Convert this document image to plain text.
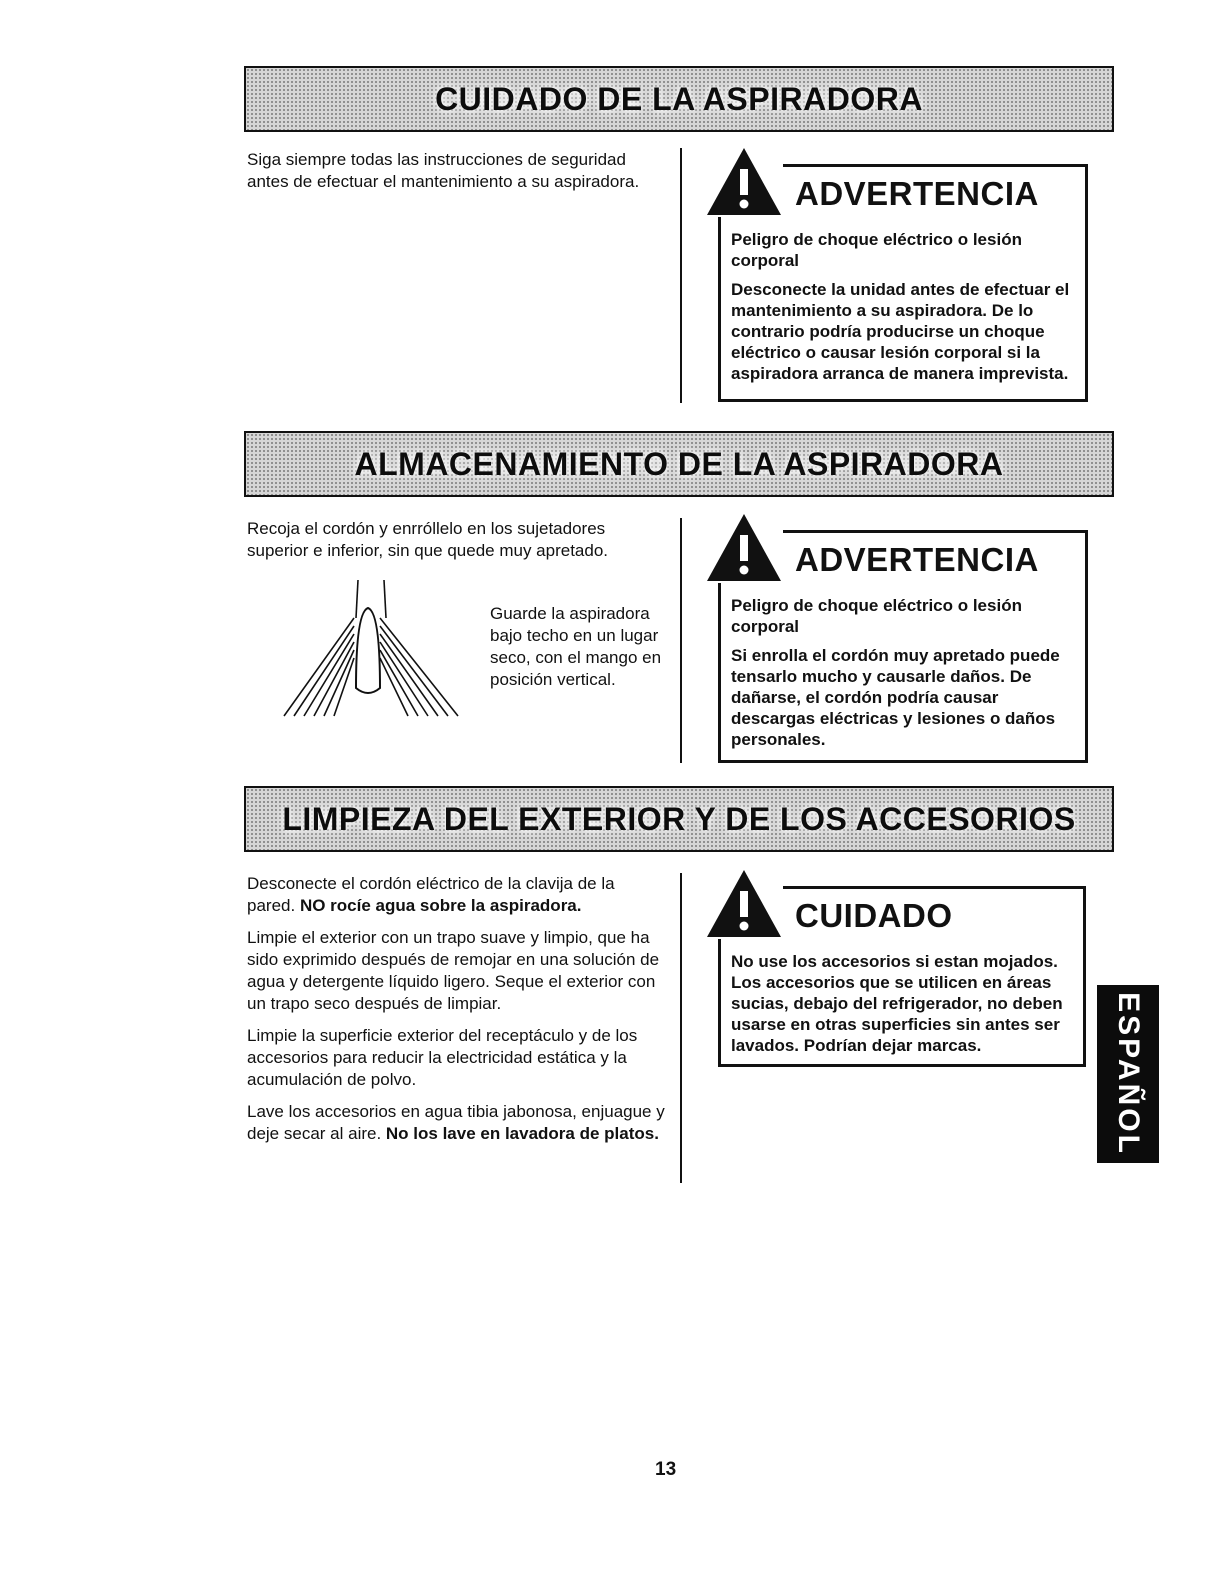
CUIDADO DE LA ASPIRADORA

Siga siempre todas las instrucciones de seguridad antes de efectuar el mantenimiento a su aspiradora.	ADVERTENCIA

Peligro de choque eléctrico o lesión corporal

Desconecte la unidad antes de efectuar el mantenimiento a su aspiradora. De lo contrario podría producirse un choque eléctrico o causar lesión corporal si la aspiradora arranca de manera imprevista.

ALMACENAMIENTO DE LA ASPIRADORA

Recoja el cordón y enrróllelo en los sujetadores superior e inferior, sin que quede muy apretado.

Guarde la aspiradora bajo techo en un lugar seco, con el mango en posición vertical.

ADVERTENCIA

Peligro de choque eléctrico o lesión corporal

Si enrolla el cordón muy apretado puede tensarlo mucho y causarle daños. De dañarse, el cordón podría causar descargas eléctricas y lesiones o daños personales.

LIMPIEZA DEL EXTERIOR Y DE LOS ACCESORIOS

Desconecte el cordón eléctrico de la clavija de la pared. NO rocíe agua sobre la aspiradora.

Limpie el exterior con un trapo suave y limpio, que ha sido exprimido después de remojar en una solución de agua y detergente líquido ligero. Seque el exterior con un trapo seco después de limpiar.

Limpie la superficie exterior del receptáculo y de los accesorios para reducir la electricidad estática y la acumulación de polvo.

Lave los accesorios en agua tibia jabonosa, enjuague y deje secar al aire. No los lave en lavadora de platos.

CUIDADO

No use los accesorios si estan mojados. Los accesorios que se utilicen en áreas sucias, debajo del refrigerador, no deben usarse en otras superficies sin antes ser lavados. Podrían dejar marcas.	ESPAÑOL
13
